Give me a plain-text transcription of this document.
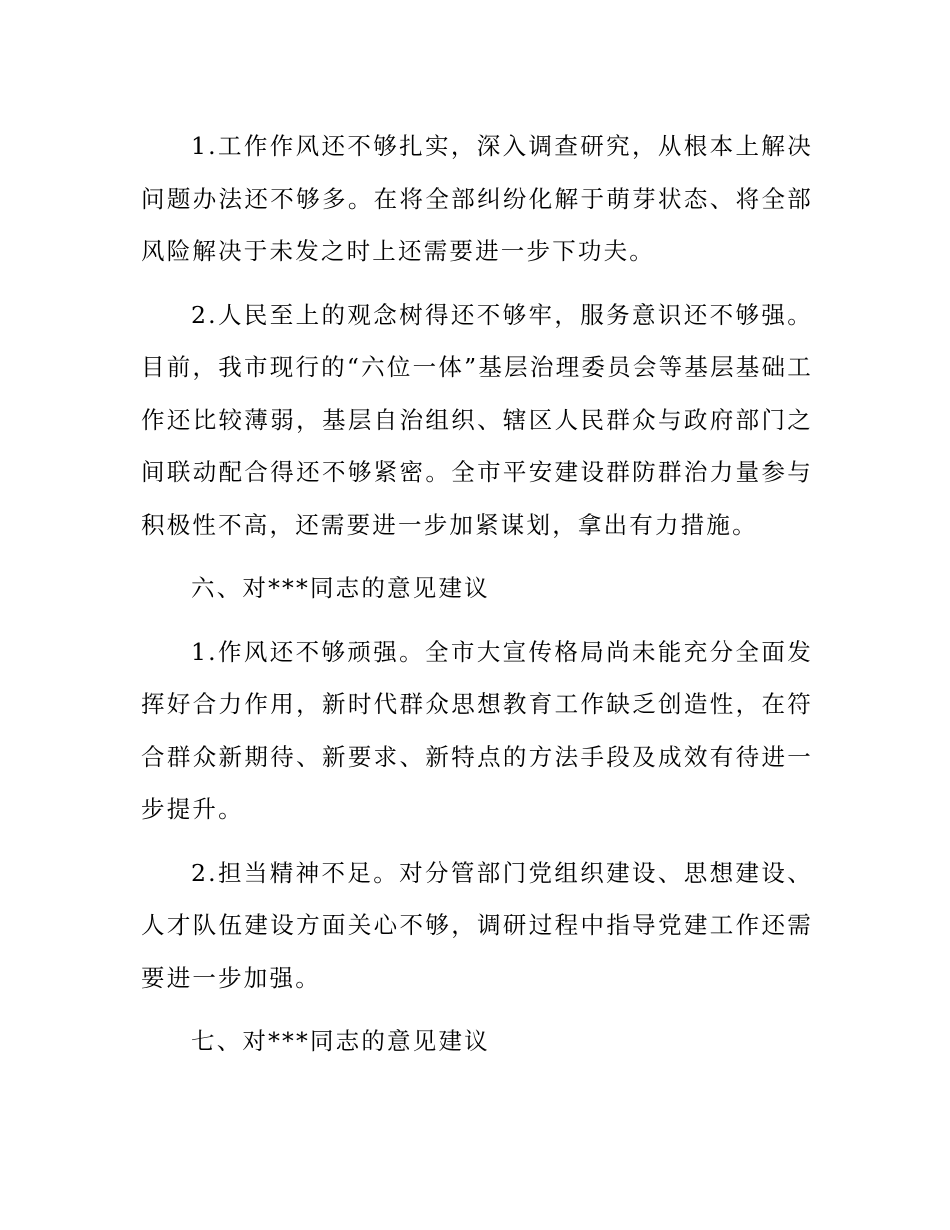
1.工作作风还不够扎实，深入调查研究，从根本上解决问题办法还不够多。在将全部纠纷化解于萌芽状态、将全部风险解决于未发之时上还需要进一步下功夫。

2.人民至上的观念树得还不够牢，服务意识还不够强。目前，我市现行的“六位一体”基层治理委员会等基层基础工作还比较薄弱，基层自治组织、辖区人民群众与政府部门之间联动配合得还不够紧密。全市平安建设群防群治力量参与积极性不高，还需要进一步加紧谋划，拿出有力措施。

六、对***同志的意见建议

1.作风还不够顽强。全市大宣传格局尚未能充分全面发挥好合力作用，新时代群众思想教育工作缺乏创造性，在符合群众新期待、新要求、新特点的方法手段及成效有待进一步提升。

2.担当精神不足。对分管部门党组织建设、思想建设、人才队伍建设方面关心不够，调研过程中指导党建工作还需要进一步加强。

七、对***同志的意见建议
